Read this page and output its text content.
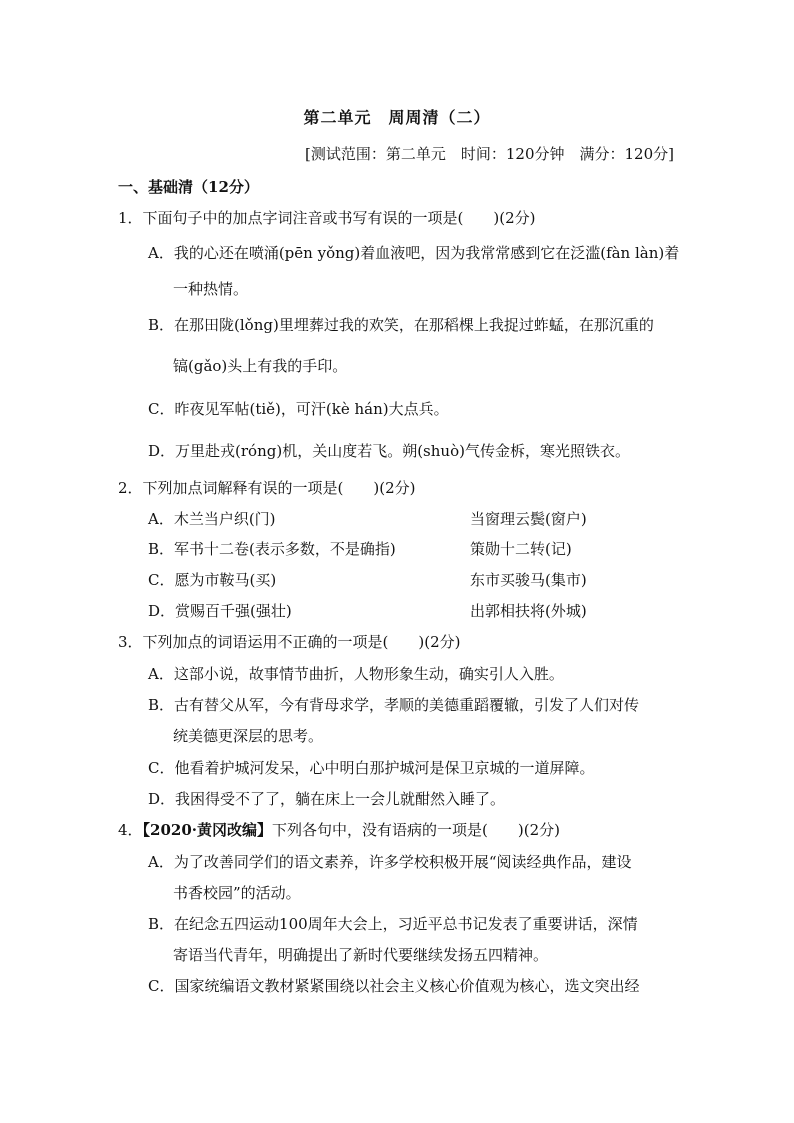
第二单元　周周清（二）
[测试范围：第二单元　时间：120分钟　满分：120分]
一、基础清（12分）
1．下面句子中的加点字词注音或书写有误的一项是(　　)(2分)
A．我的心还在喷涌(pēn yǒng)着血液吧，因为我常常感到它在泛滥(fàn làn)着
一种热情。
B．在那田陇(lǒng)里埋葬过我的欢笑，在那稻棵上我捉过蚱蜢，在那沉重的
镐(gǎo)头上有我的手印。
C．昨夜见军帖(tiě)，可汗(kè hán)大点兵。
D．万里赴戎(róng)机，关山度若飞。朔(shuò)气传金柝，寒光照铁衣。
2．下列加点词解释有误的一项是(　　)(2分)
A．木兰当户织(门)	当窗理云鬓(窗户)
B．军书十二卷(表示多数，不是确指)	策勋十二转(记)
C．愿为市鞍马(买)	东市买骏马(集市)
D．赏赐百千强(强壮)	出郭相扶将(外城)
3．下列加点的词语运用不正确的一项是(　　)(2分)
A．这部小说，故事情节曲折，人物形象生动，确实引人入胜。
B．古有替父从军，今有背母求学，孝顺的美德重蹈覆辙，引发了人们对传
统美德更深层的思考。
C．他看着护城河发呆，心中明白那护城河是保卫京城的一道屏障。
D．我困得受不了了，躺在床上一会儿就酣然入睡了。
4．【2020·黄冈改编】下列各句中，没有语病的一项是(　　)(2分)
A．为了改善同学们的语文素养，许多学校积极开展“阅读经典作品，建设
书香校园”的活动。
B．在纪念五四运动100周年大会上，习近平总书记发表了重要讲话，深情
寄语当代青年，明确提出了新时代要继续发扬五四精神。
C．国家统编语文教材紧紧围绕以社会主义核心价值观为核心，选文突出经
